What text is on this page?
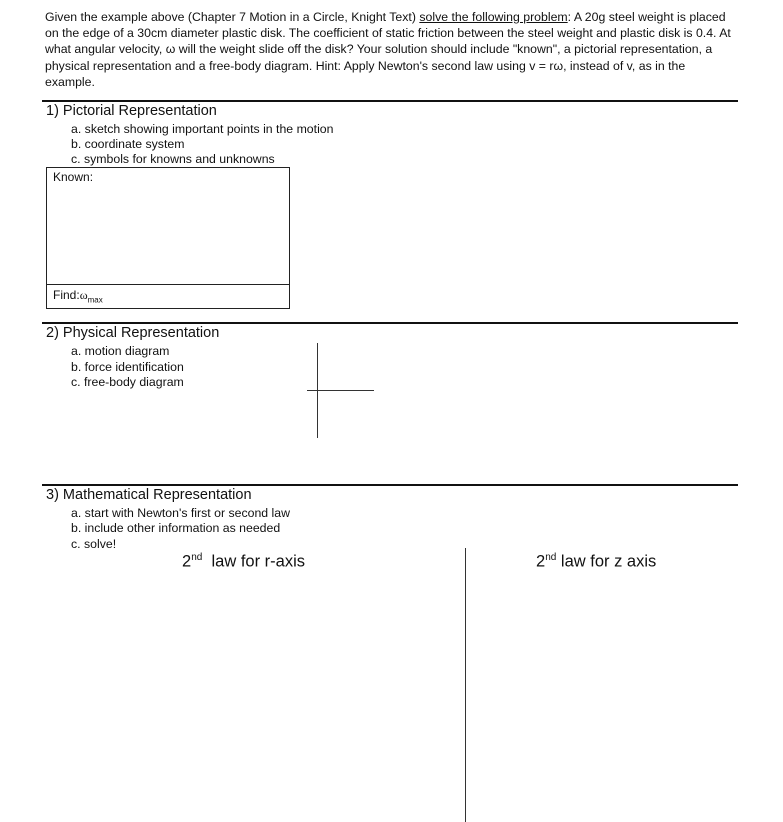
Given the example above (Chapter 7 Motion in a Circle, Knight Text) solve the following problem: A 20g steel weight is placed on the edge of a 30cm diameter plastic disk. The coefficient of static friction between the steel weight and plastic disk is 0.4. At what angular velocity, ω will the weight slide off the disk? Your solution should include "known", a pictorial representation, a physical representation and a free-body diagram. Hint: Apply Newton's second law using v = rω, instead of v, as in the example.
1) Pictorial Representation
a. sketch showing important points in the motion
b. coordinate system
c. symbols for knowns and unknowns
Known:
$Find:\omega_{max}$
2) Physical Representation
a. motion diagram
b. force identification
c. free-body diagram
3) Mathematical Representation
a. start with Newton's first or second law
b. include other information as needed
c. solve!
2nd  law for r-axis	2nd law for z axis
